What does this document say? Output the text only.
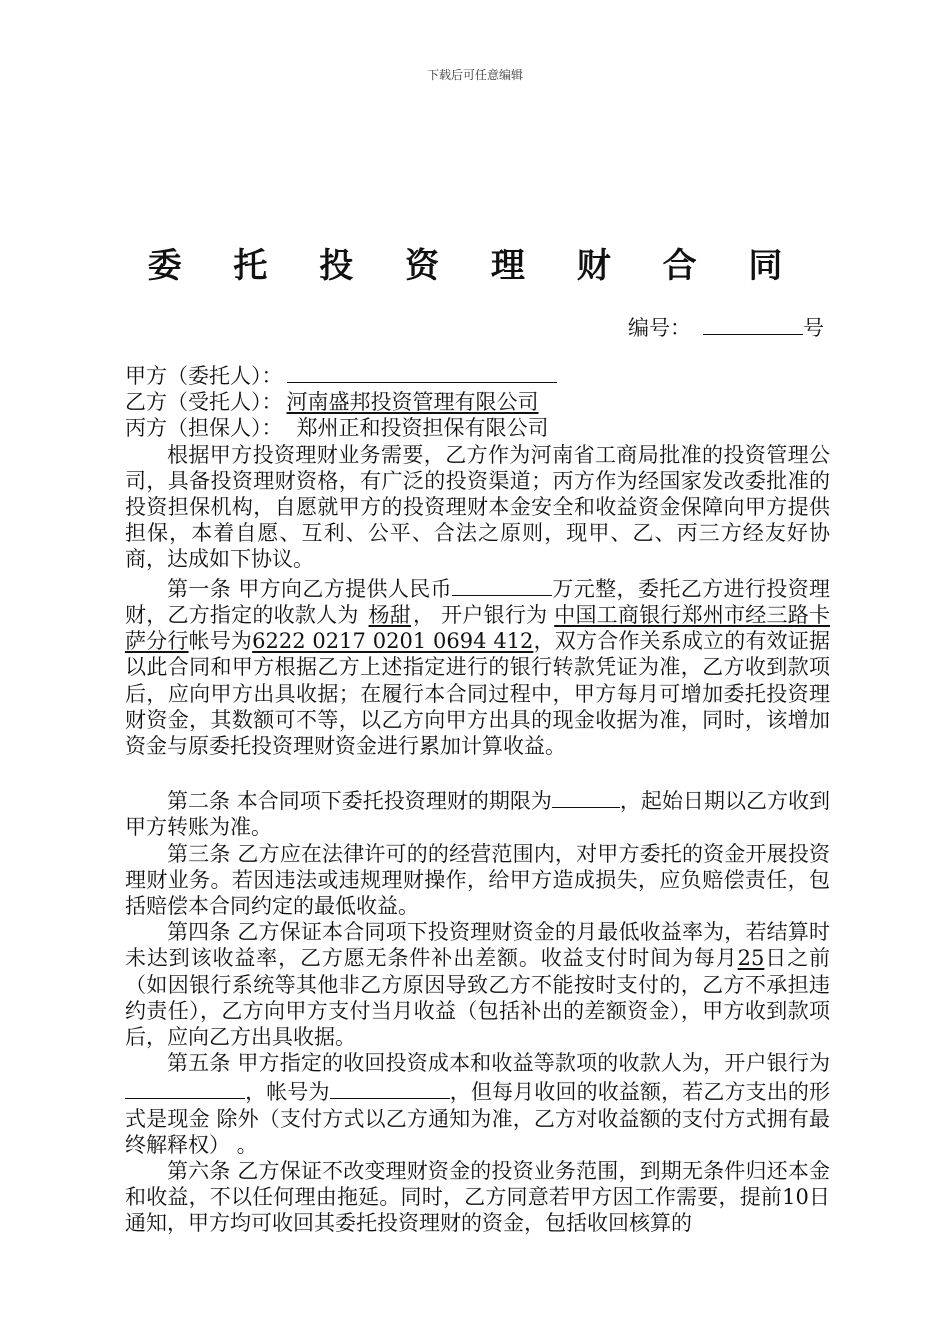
下载后可任意编辑
委 托 投 资 理 财 合 同
编号：	号
甲方（委托人）：
乙方（受托人）： 河南盛邦投资管理有限公司
丙方（担保人）： 郑州正和投资担保有限公司
根据甲方投资理财业务需要，乙方作为河南省工商局批准的投资管理公司，具备投资理财资格，有广泛的投资渠道；丙方作为经国家发改委批准的投资担保机构，自愿就甲方的投资理财本金安全和收益资金保障向甲方提供担保，本着自愿、互利、公平、合法之原则，现甲、乙、丙三方经友好协商，达成如下协议。
第一条 甲方向乙方提供人民币	万元整，委托乙方进行投资理财，乙方指定的收款人为 杨甜， 开户银行为 中国工商银行郑州市经三路卡萨分行帐号为6222 0217 0201 0694 412，双方合作关系成立的有效证据以此合同和甲方根据乙方上述指定进行的银行转款凭证为准，乙方收到款项后，应向甲方出具收据；在履行本合同过程中，甲方每月可增加委托投资理财资金，其数额可不等，以乙方向甲方出具的现金收据为准，同时，该增加资金与原委托投资理财资金进行累加计算收益。
第二条 本合同项下委托投资理财的期限为	，起始日期以乙方收到甲方转账为准。
第三条 乙方应在法律许可的的经营范围内，对甲方委托的资金开展投资理财业务。若因违法或违规理财操作，给甲方造成损失，应负赔偿责任，包括赔偿本合同约定的最低收益。
第四条 乙方保证本合同项下投资理财资金的月最低收益率为，若结算时未达到该收益率，乙方愿无条件补出差额。收益支付时间为每月25日之前（如因银行系统等其他非乙方原因导致乙方不能按时支付的，乙方不承担违约责任），乙方向甲方支付当月收益（包括补出的差额资金），甲方收到款项后，应向乙方出具收据。
第五条 甲方指定的收回投资成本和收益等款项的收款人为，开户银行为，帐号为	，但每月收回的收益额，若乙方支出的形式是现金 除外（支付方式以乙方通知为准，乙方对收益额的支付方式拥有最终解释权） 。
第六条 乙方保证不改变理财资金的投资业务范围，到期无条件归还本金和收益，不以任何理由拖延。同时，乙方同意若甲方因工作需要，提前10日通知，甲方均可收回其委托投资理财的资金，包括收回核算的
